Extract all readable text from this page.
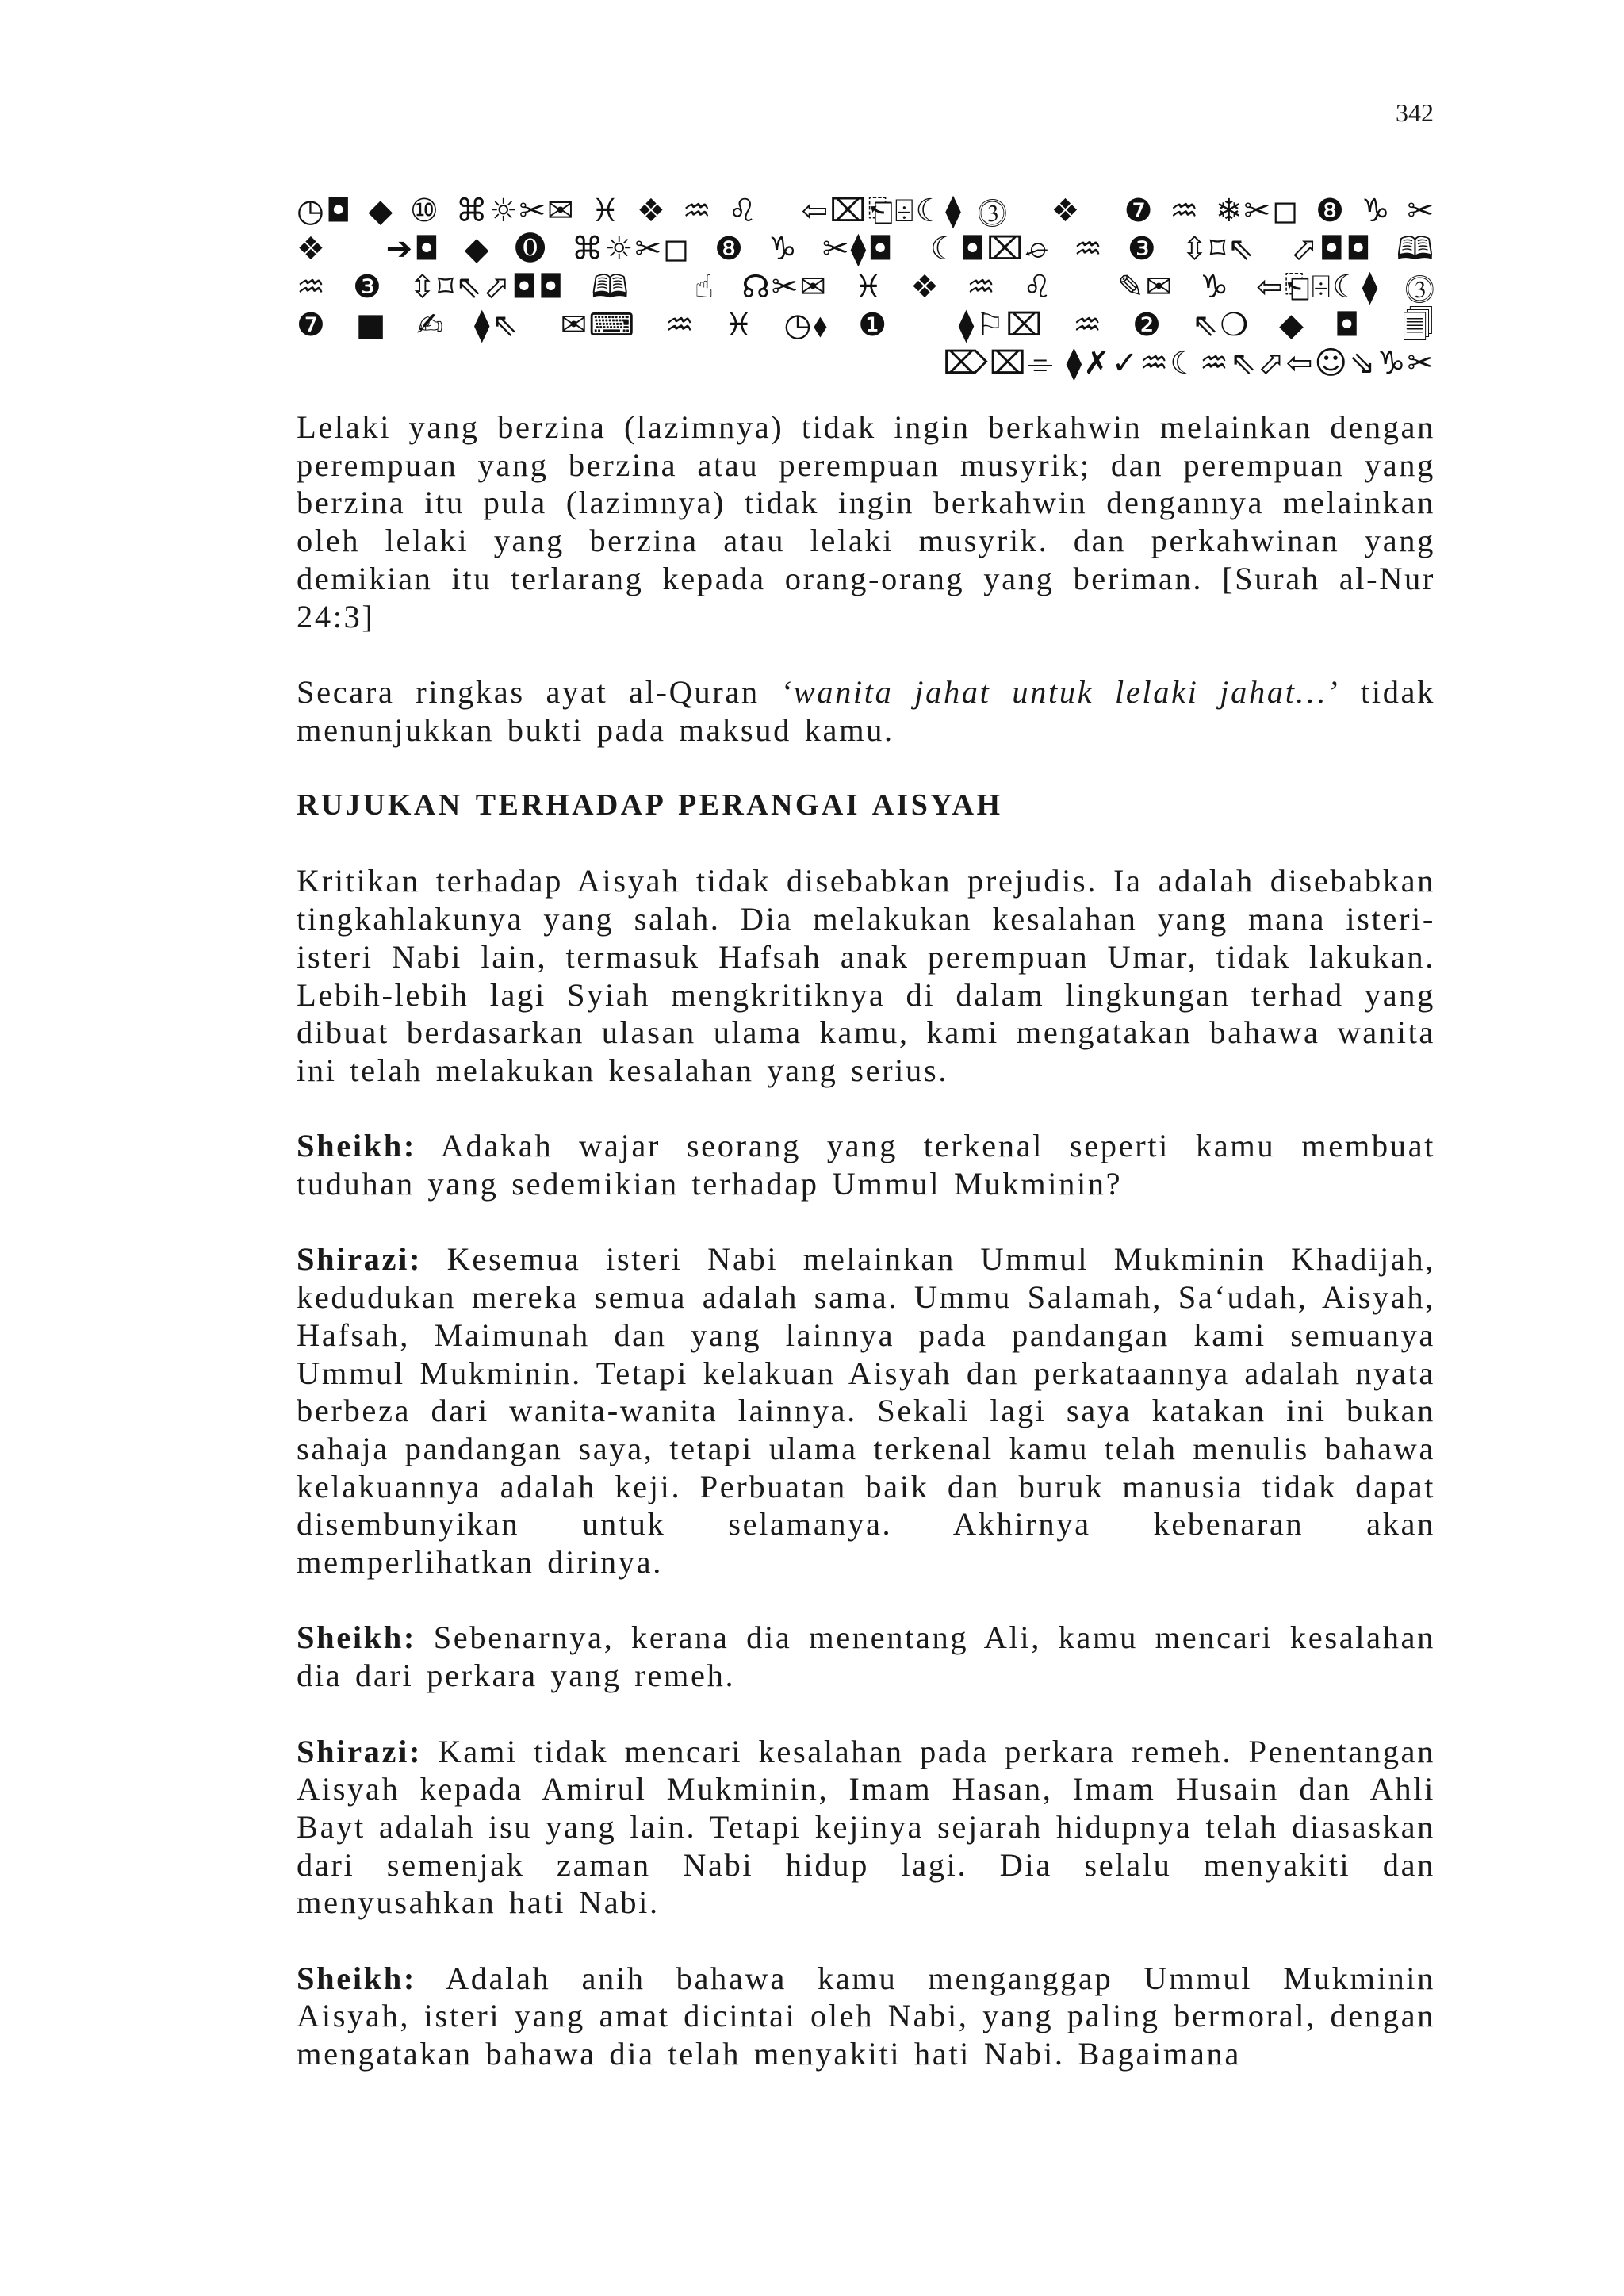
342
◷◘◆⑩⌘☼✂✉♓❖♒♌ ⇦⌧⎗⌹☾⧫⓷ ❖ ❼♒❄✂◻❽♑✂
❖ ➔◘◆⓿⌘☼✂◻❽♑✂⧫◘ ☾◘⌧⌮♒❸⇳⌑⇖ ⬀◘◘🕮
♒❸⇳⌑⇖⬀◘◘🕮 ☝☊✂✉♓❖♒♌ ✎✉♑⇦⎗⌹☾⧫⓷
❼■✍⧫⇖ ✉⌨♒♓◷⬧❶ ⧫⚐⌧♒❷⇖❍◆◘ 🗐
⌦⌧⌯ ⧫✗✓♒☾♒⇖⬀⇦☺⇘♑✂

Lelaki yang berzina (lazimnya) tidak ingin berkahwin melainkan dengan perempuan yang berzina atau perempuan musyrik; dan perempuan yang berzina itu pula (lazimnya) tidak ingin berkahwin dengannya melainkan oleh lelaki yang berzina atau lelaki musyrik. dan perkahwinan yang demikian itu terlarang kepada orang-orang yang beriman. [Surah al-Nur 24:3]

Secara ringkas ayat al-Quran ‘wanita jahat untuk lelaki jahat…’ tidak menunjukkan bukti pada maksud kamu.

RUJUKAN TERHADAP PERANGAI AISYAH

Kritikan terhadap Aisyah tidak disebabkan prejudis. Ia adalah disebabkan tingkahlakunya yang salah. Dia melakukan kesalahan yang mana isteri-isteri Nabi lain, termasuk Hafsah anak perempuan Umar, tidak lakukan. Lebih-lebih lagi Syiah mengkritiknya di dalam lingkungan terhad yang dibuat berdasarkan ulasan ulama kamu, kami mengatakan bahawa wanita ini telah melakukan kesalahan yang serius.

Sheikh: Adakah wajar seorang yang terkenal seperti kamu membuat tuduhan yang sedemikian terhadap Ummul Mukminin?

Shirazi: Kesemua isteri Nabi melainkan Ummul Mukminin Khadijah, kedudukan mereka semua adalah sama. Ummu Salamah, Sa‘udah, Aisyah, Hafsah, Maimunah dan yang lainnya pada pandangan kami semuanya Ummul Mukminin. Tetapi kelakuan Aisyah dan perkataannya adalah nyata berbeza dari wanita-wanita lainnya. Sekali lagi saya katakan ini bukan sahaja pandangan saya, tetapi ulama terkenal kamu telah menulis bahawa kelakuannya adalah keji. Perbuatan baik dan buruk manusia tidak dapat disembunyikan untuk selamanya. Akhirnya kebenaran akan memperlihatkan dirinya.

Sheikh: Sebenarnya, kerana dia menentang Ali, kamu mencari kesalahan dia dari perkara yang remeh.

Shirazi: Kami tidak mencari kesalahan pada perkara remeh. Penentangan Aisyah kepada Amirul Mukminin, Imam Hasan, Imam Husain dan Ahli Bayt adalah isu yang lain. Tetapi kejinya sejarah hidupnya telah diasaskan dari semenjak zaman Nabi hidup lagi. Dia selalu menyakiti dan menyusahkan hati Nabi.

Sheikh: Adalah anih bahawa kamu menganggap Ummul Mukminin Aisyah, isteri yang amat dicintai oleh Nabi, yang paling bermoral, dengan mengatakan bahawa dia telah menyakiti hati Nabi. Bagaimana
